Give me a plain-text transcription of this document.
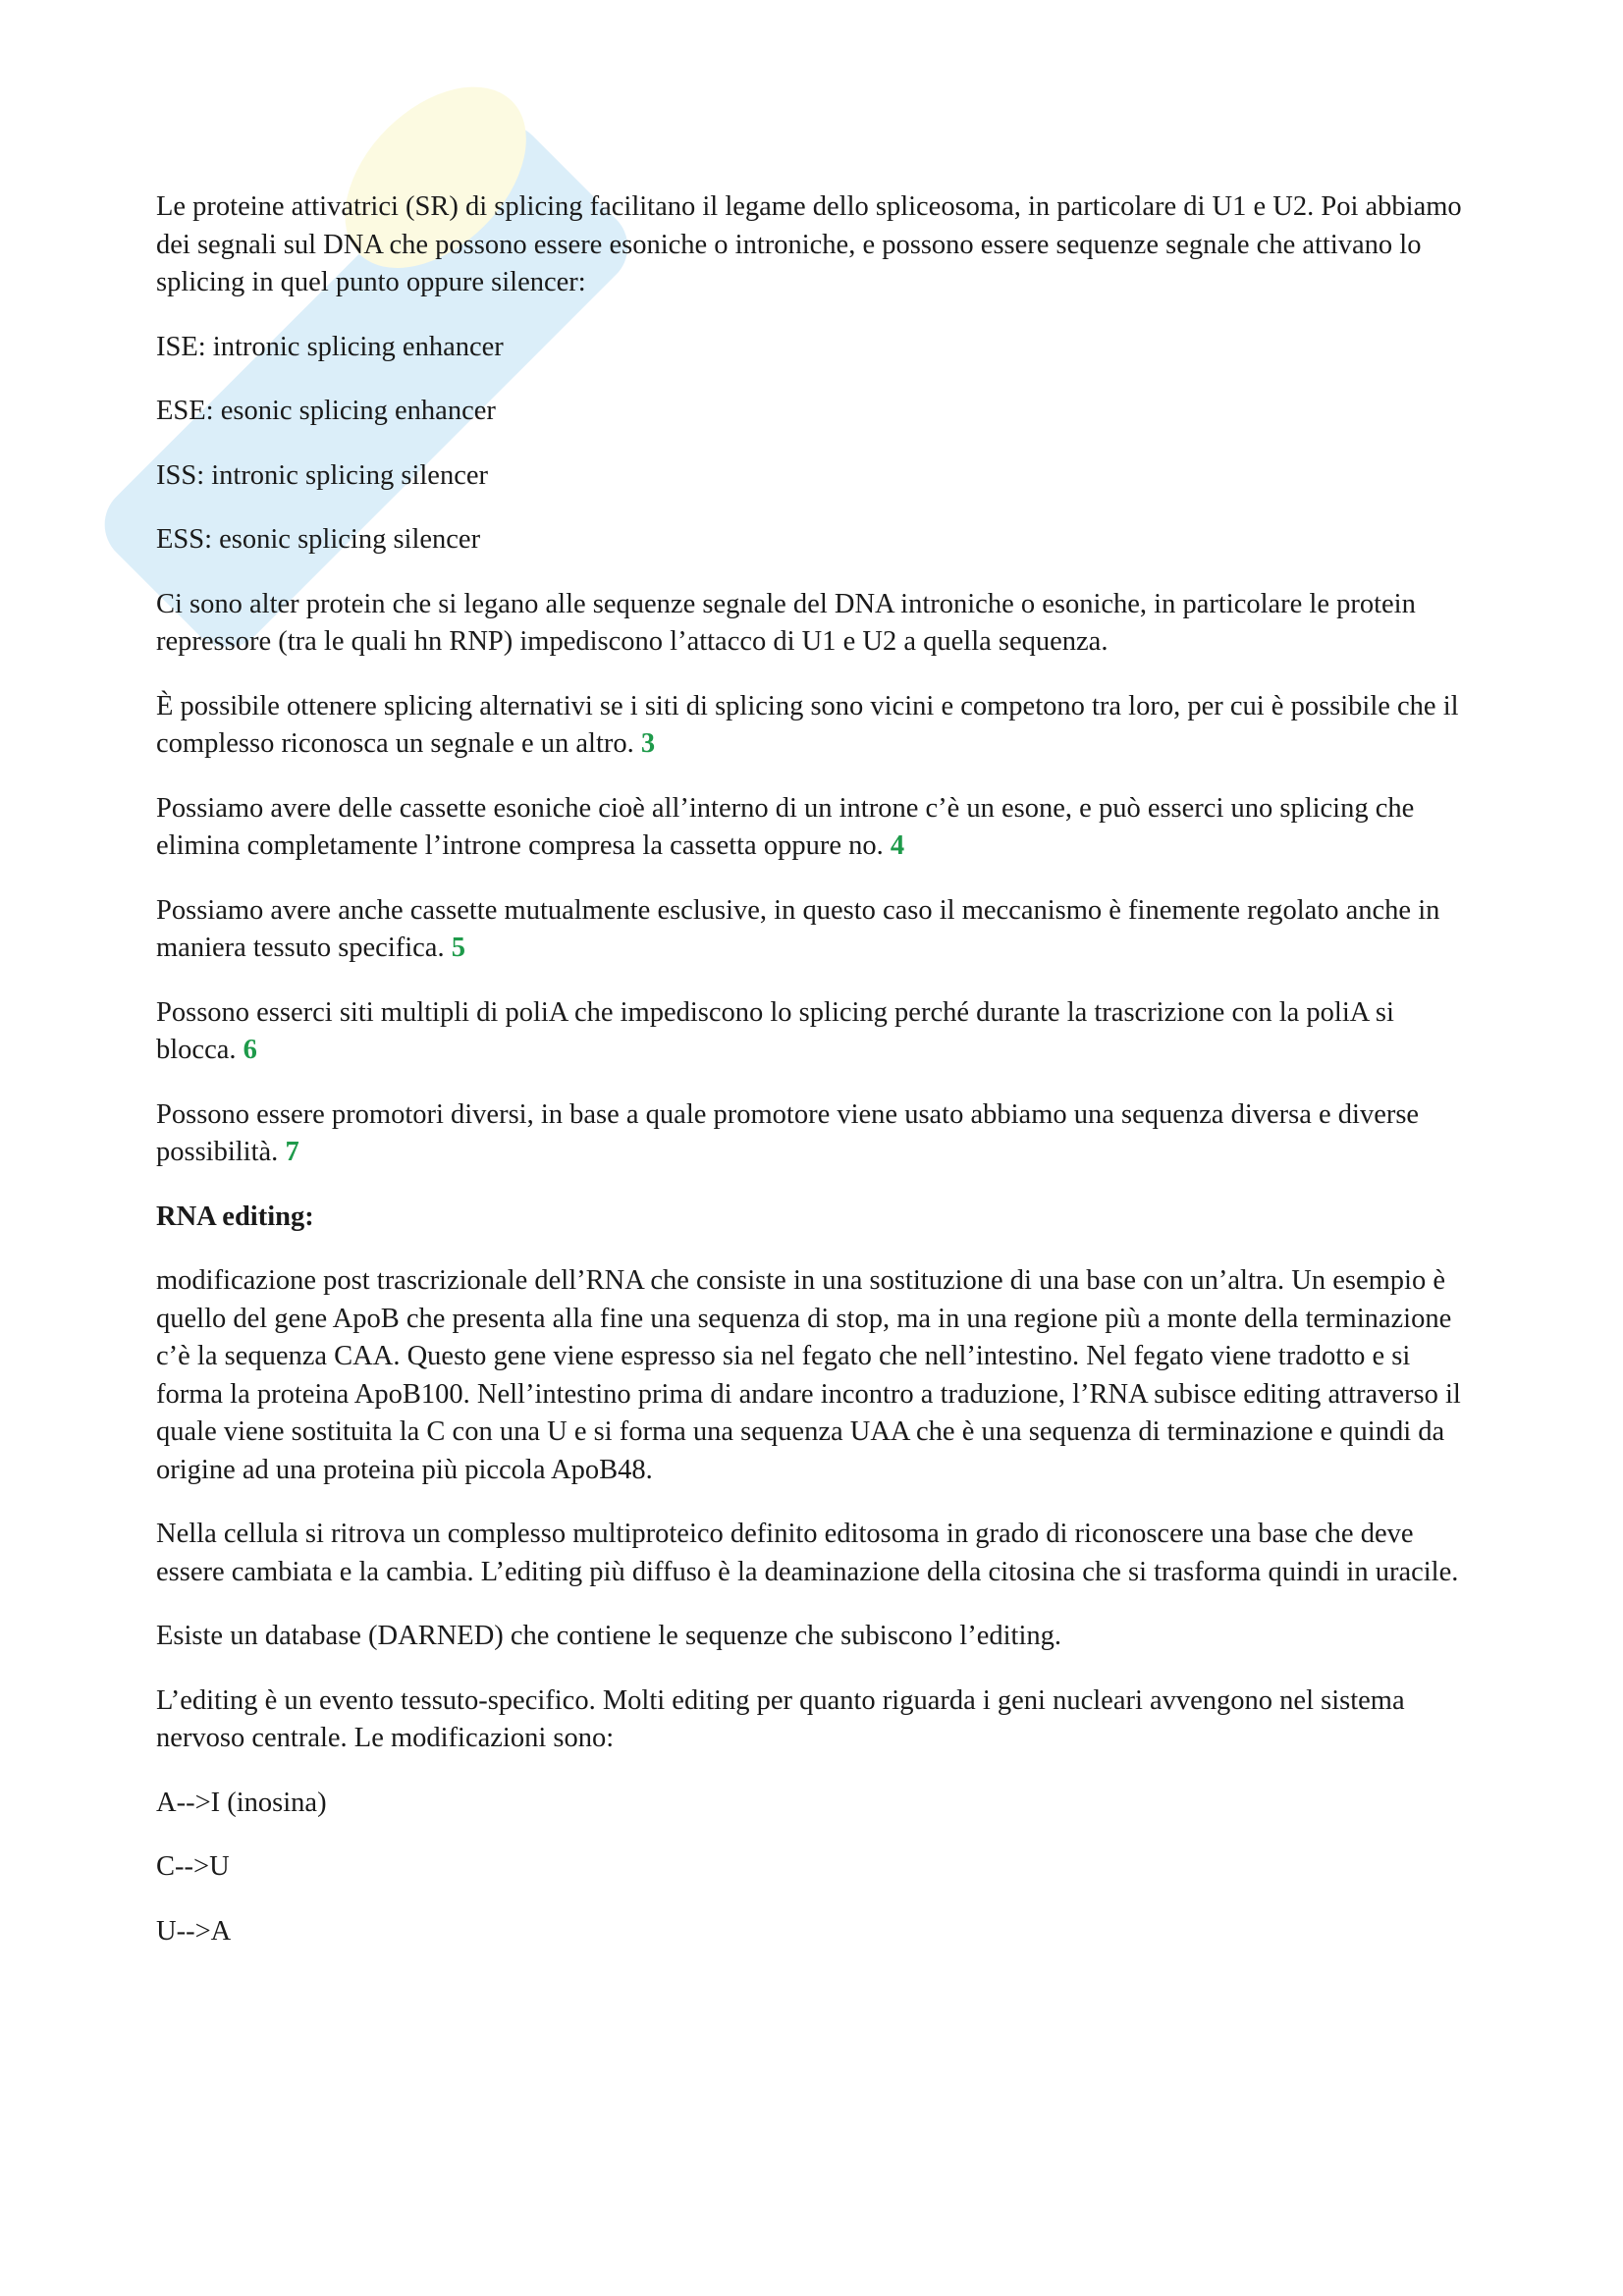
Le proteine attivatrici (SR) di splicing facilitano il legame dello spliceosoma, in particolare di U1 e U2. Poi abbiamo dei segnali sul DNA che possono essere esoniche o introniche, e possono essere sequenze segnale che attivano lo splicing in quel punto oppure silencer:

ISE: intronic splicing enhancer

ESE: esonic splicing enhancer

ISS: intronic splicing silencer

ESS: esonic splicing silencer

Ci sono alter protein che si legano alle sequenze segnale del DNA introniche o esoniche, in particolare le protein repressore (tra le quali hn RNP) impediscono l’attacco di U1 e U2 a quella sequenza.

È possibile ottenere splicing alternativi se i siti di splicing sono vicini e competono tra loro, per cui è possibile che il complesso riconosca un segnale e un altro. 3

Possiamo avere delle cassette esoniche cioè all’interno di un introne c’è un esone, e può esserci uno splicing che elimina completamente l’introne compresa la cassetta oppure no. 4

Possiamo avere anche cassette mutualmente esclusive, in questo caso il meccanismo è finemente regolato anche in maniera tessuto specifica. 5

Possono esserci siti multipli di poliA che impediscono lo splicing perché durante la trascrizione con la poliA si blocca. 6

Possono essere promotori diversi, in base a quale promotore viene usato abbiamo una sequenza diversa e diverse possibilità. 7

RNA editing:

modificazione post trascrizionale dell’RNA che consiste in una sostituzione di una base con un’altra. Un esempio è quello del gene ApoB che presenta alla fine una sequenza di stop, ma in una regione più a monte della terminazione c’è la sequenza CAA. Questo gene viene espresso sia nel fegato che nell’intestino. Nel fegato viene tradotto e si forma la proteina ApoB100. Nell’intestino prima di andare incontro a traduzione, l’RNA subisce editing attraverso il quale viene sostituita la C con una U e si forma una sequenza UAA che è una sequenza di terminazione e quindi da origine ad una proteina più piccola ApoB48.

Nella cellula si ritrova un complesso multiproteico definito editosoma in grado di riconoscere una base che deve essere cambiata e la cambia. L’editing più diffuso è la deaminazione della citosina che si trasforma quindi in uracile.

Esiste un database (DARNED) che contiene le sequenze che subiscono l’editing.

L’editing è un evento tessuto-specifico. Molti editing per quanto riguarda i geni nucleari avvengono nel sistema nervoso centrale. Le modificazioni sono:

A-->I (inosina)

C-->U

U-->A
